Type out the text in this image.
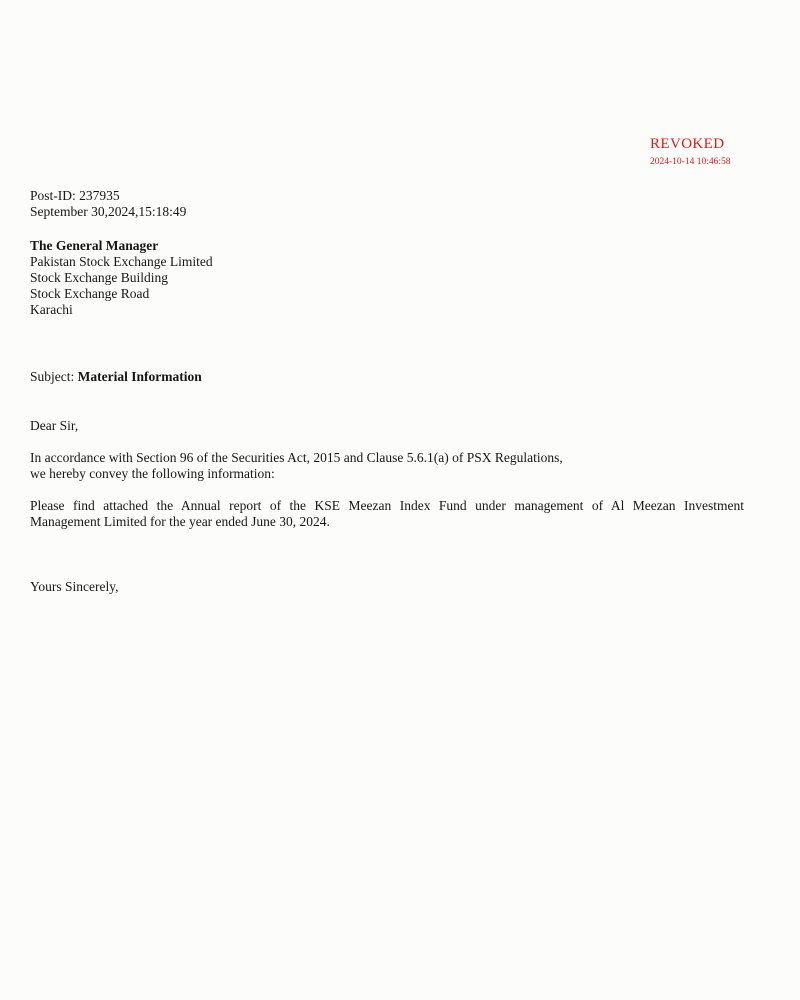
REVOKED
2024-10-14 10:46:58
Post-ID: 237935
September 30,2024,15:18:49
The General Manager
Pakistan Stock Exchange Limited
Stock Exchange Building
Stock Exchange Road
Karachi
Subject: Material Information
Dear Sir,
In accordance with Section 96 of the Securities Act, 2015 and Clause 5.6.1(a) of PSX Regulations,
we hereby convey the following information:
Please find attached the Annual report of the KSE Meezan Index Fund under management of Al Meezan Investment
Management Limited for the year ended June 30, 2024.
Yours Sincerely,
